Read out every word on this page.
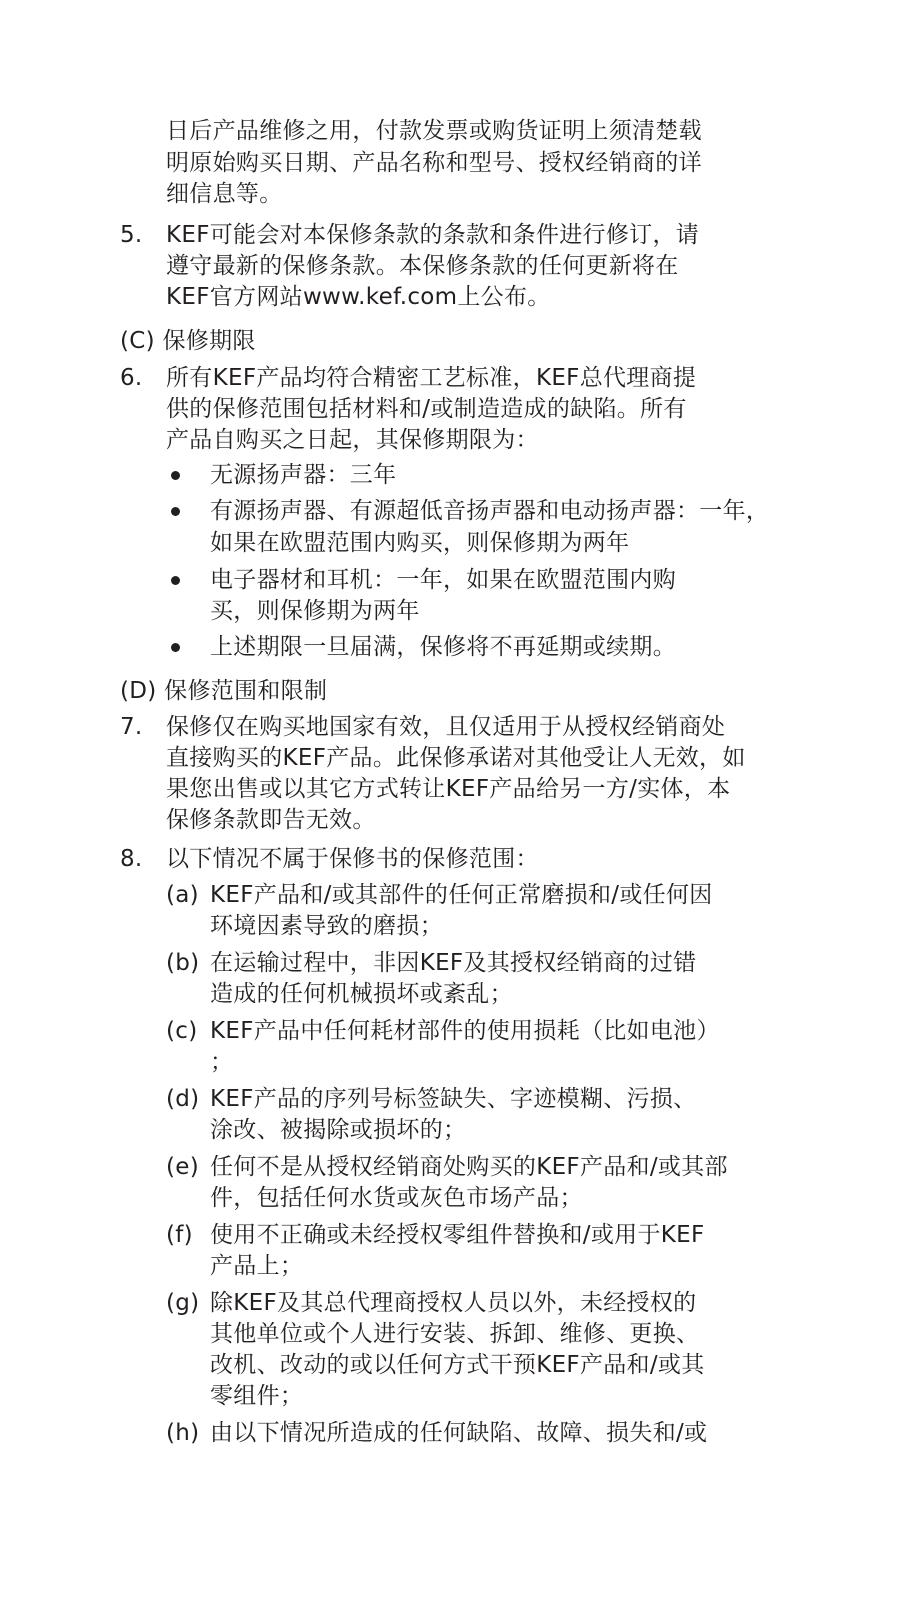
日后产品维修之用，付款发票或购货证明上须清楚载
明原始购买日期、产品名称和型号、授权经销商的详
细信息等。
5. KEF可能会对本保修条款的条款和条件进行修订，请
遵守最新的保修条款。本保修条款的任何更新将在
KEF官方网站www.kef.com上公布。
(C) 保修期限
6. 所有KEF产品均符合精密工艺标准，KEF总代理商提
供的保修范围包括材料和/或制造造成的缺陷。所有
产品自购买之日起，其保修期限为：
无源扬声器：三年
有源扬声器、有源超低音扬声器和电动扬声器：一年，
如果在欧盟范围内购买，则保修期为两年
电子器材和耳机：一年，如果在欧盟范围内购
买，则保修期为两年
上述期限一旦届满，保修将不再延期或续期。
(D) 保修范围和限制
7. 保修仅在购买地国家有效，且仅适用于从授权经销商处
直接购买的KEF产品。此保修承诺对其他受让人无效，如
果您出售或以其它方式转让KEF产品给另一方/实体，本
保修条款即告无效。
8. 以下情况不属于保修书的保修范围：
(a) KEF产品和/或其部件的任何正常磨损和/或任何因
环境因素导致的磨损；
(b) 在运输过程中，非因KEF及其授权经销商的过错
造成的任何机械损坏或紊乱；
(c) KEF产品中任何耗材部件的使用损耗（比如电池）
；
(d) KEF产品的序列号标签缺失、字迹模糊、污损、
涂改、被揭除或损坏的；
(e) 任何不是从授权经销商处购买的KEF产品和/或其部
件，包括任何水货或灰色市场产品；
(f) 使用不正确或未经授权零组件替换和/或用于KEF
产品上；
(g) 除KEF及其总代理商授权人员以外，未经授权的
其他单位或个人进行安装、拆卸、维修、更换、
改机、改动的或以任何方式干预KEF产品和/或其
零组件；
(h) 由以下情况所造成的任何缺陷、故障、损失和/或
